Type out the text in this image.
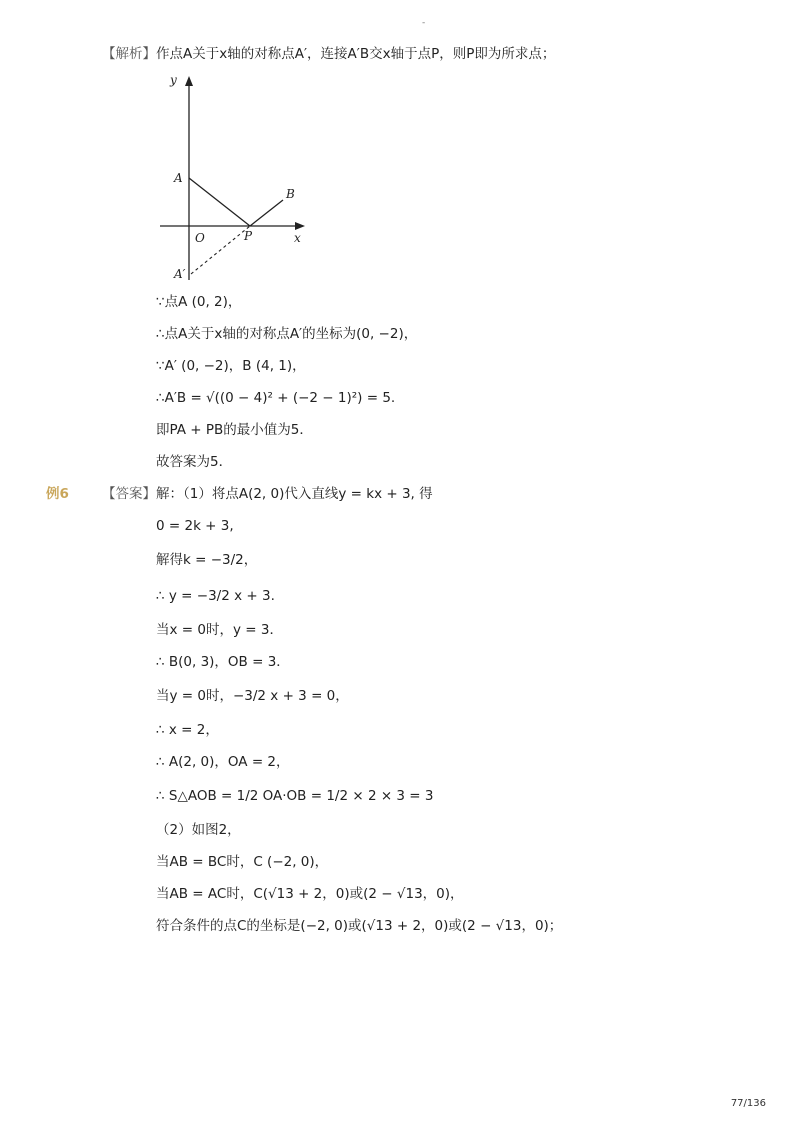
-
【解析】作点A关于x轴的对称点A′，连接A′B交x轴于点P，则P即为所求点；
y
A
B
O	P	x
A′
∵点A (0, 2)，
∴点A关于x轴的对称点A′的坐标为(0, −2)，
∵A′ (0, −2)，B (4, 1)，
∴A′B = √((0 − 4)² + (−2 − 1)²) = 5.
即PA + PB的最小值为5．
故答案为5．
例6 【答案】解：（1）将点A(2, 0)代入直线y = kx + 3, 得
0 = 2k + 3,
解得k = −3/2，
∴ y = −3/2 x + 3.
当x = 0时，y = 3．
∴ B(0, 3)，OB = 3．
当y = 0时，−3/2 x + 3 = 0，
∴ x = 2，
∴ A(2, 0)，OA = 2，
∴ S△AOB = 1/2 OA·OB = 1/2 × 2 × 3 = 3
（2）如图2，
当AB = BC时，C (−2, 0)，
当AB = AC时，C(√13 + 2，0)或(2 − √13，0)，
符合条件的点C的坐标是(−2, 0)或(√13 + 2，0)或(2 − √13，0)；
77/136
